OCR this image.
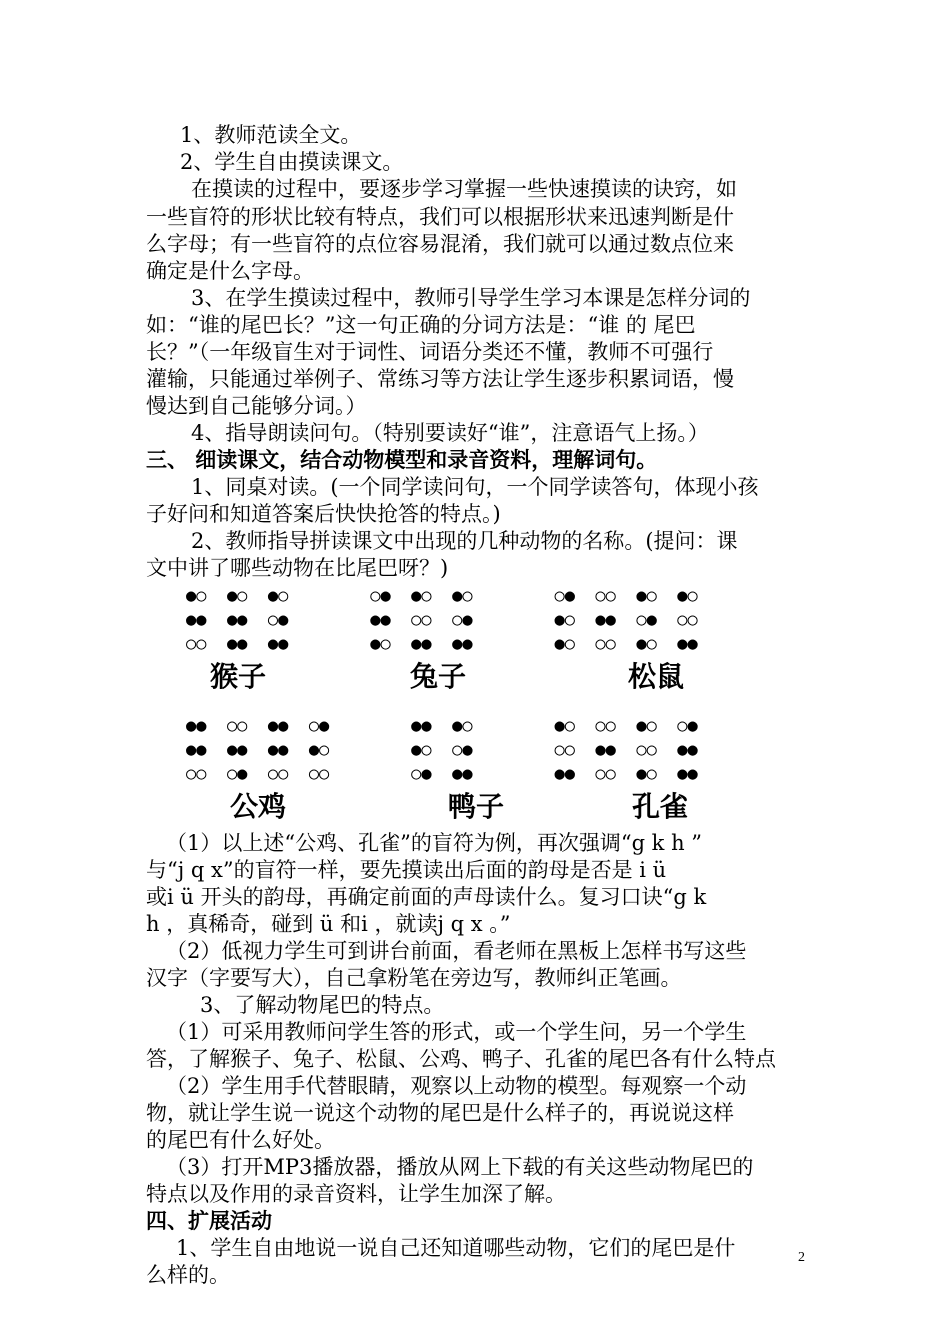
1、教师范读全文。
2、学生自由摸读课文。
在摸读的过程中，要逐步学习掌握一些快速摸读的诀窍，如
一些盲符的形状比较有特点，我们可以根据形状来迅速判断是什
么字母；有一些盲符的点位容易混淆，我们就可以通过数点位来
确定是什么字母。
3、在学生摸读过程中，教师引导学生学习本课是怎样分词的
如：“谁的尾巴长？”这一句正确的分词方法是：“谁 的 尾巴
长？”（一年级盲生对于词性、词语分类还不懂，教师不可强行
灌输，只能通过举例子、常练习等方法让学生逐步积累词语，慢
慢达到自己能够分词。）
4、指导朗读问句。（特别要读好“谁”，注意语气上扬。）
三、 细读课文，结合动物模型和录音资料，理解词句。
1、同桌对读。(一个同学读问句，一个同学读答句，体现小孩
子好问和知道答案后快快抢答的特点。)
2、教师指导拼读课文中出现的几种动物的名称。(提问：课
文中讲了哪些动物在比尾巴呀？)
●○  ●○  ●○        ○●  ●○  ●○        ○●  ○○  ●○  ●○
●●  ●●  ○●        ●●  ○○  ○●        ●○  ●●  ○●  ○○
○○  ●●  ●●        ●○  ●●  ●●        ●○  ○○  ●○  ●●
猴子	兔子	松鼠
●●  ○○  ●●  ○●        ●●  ●○        ●○  ○○  ●○  ○●
●●  ●●  ●●  ●○        ●○  ○●        ○○  ●●  ○○  ●●
○○  ○●  ○○  ○○        ○●  ●●        ●●  ○○  ●○  ●●
公鸡	鸭子	孔雀
（1）以上述“公鸡、孔雀”的盲符为例，再次强调“g k h ”
与“j q x”的盲符一样，要先摸读出后面的韵母是否是 i ü
或i ü 开头的韵母，再确定前面的声母读什么。复习口诀“g k
h ，真稀奇，碰到 ü 和i ，就读j q x 。”
（2）低视力学生可到讲台前面，看老师在黑板上怎样书写这些
汉字（字要写大），自己拿粉笔在旁边写，教师纠正笔画。
3、了解动物尾巴的特点。
（1）可采用教师问学生答的形式，或一个学生问，另一个学生
答，了解猴子、兔子、松鼠、公鸡、鸭子、孔雀的尾巴各有什么特点
（2）学生用手代替眼睛，观察以上动物的模型。每观察一个动
物，就让学生说一说这个动物的尾巴是什么样子的，再说说这样
的尾巴有什么好处。
（3）打开MP3播放器，播放从网上下载的有关这些动物尾巴的
特点以及作用的录音资料，让学生加深了解。
四、扩展活动
1、学生自由地说一说自己还知道哪些动物，它们的尾巴是什
么样的。
2
